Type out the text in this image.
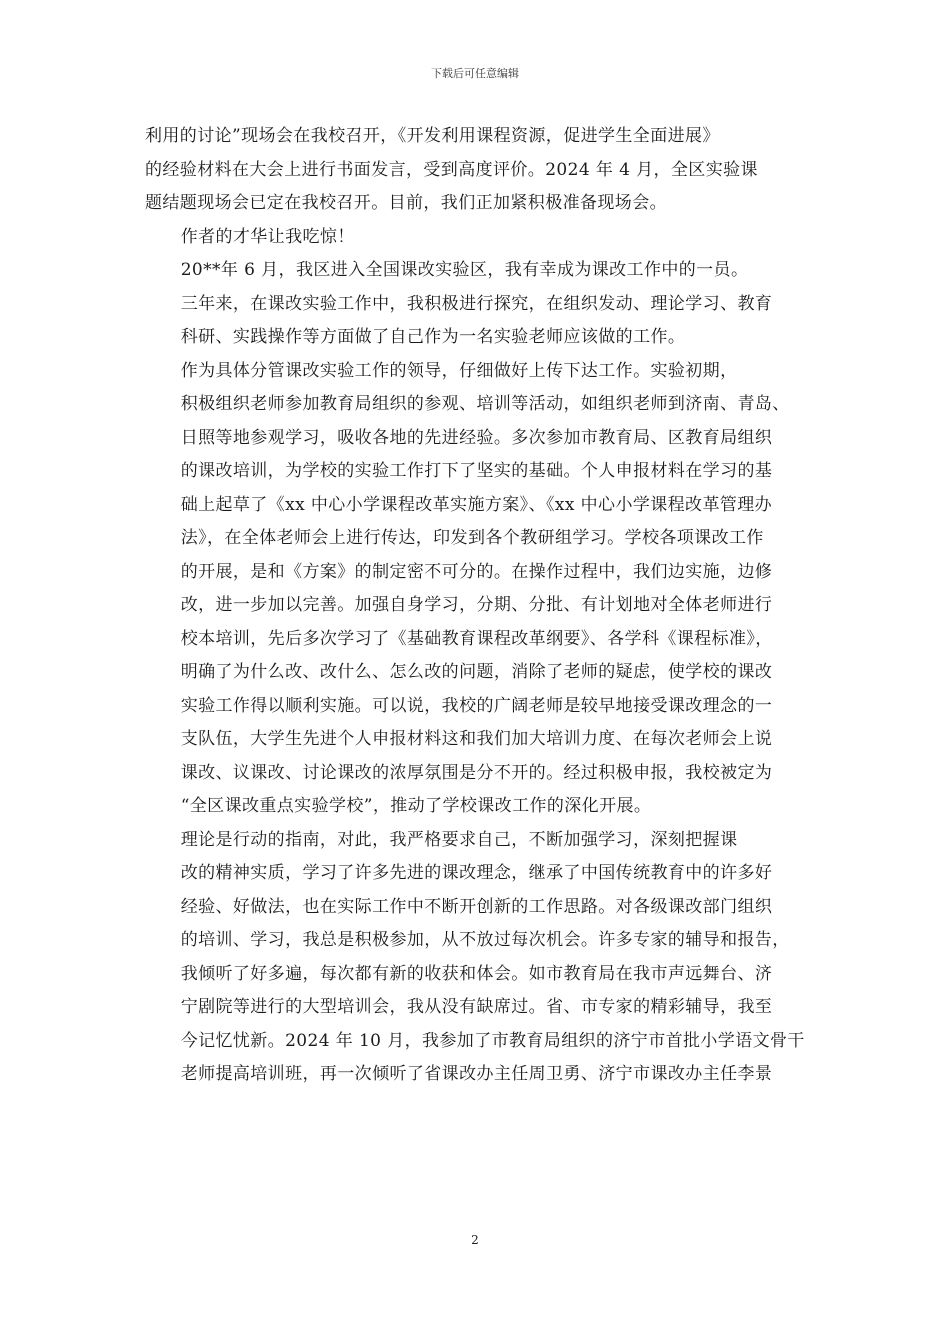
下载后可任意编辑

利用的讨论”现场会在我校召开，《开发利用课程资源，促进学生全面进展》
的经验材料在大会上进行书面发言，受到高度评价。2024 年 4 月，全区实验课
题结题现场会已定在我校召开。目前，我们正加紧积极准备现场会。

作者的才华让我吃惊！

20**年 6 月，我区进入全国课改实验区，我有幸成为课改工作中的一员。
三年来，在课改实验工作中，我积极进行探究，在组织发动、理论学习、教育
科研、实践操作等方面做了自己作为一名实验老师应该做的工作。

作为具体分管课改实验工作的领导，仔细做好上传下达工作。实验初期，
积极组织老师参加教育局组织的参观、培训等活动，如组织老师到济南、青岛、
日照等地参观学习，吸收各地的先进经验。多次参加市教育局、区教育局组织
的课改培训，为学校的实验工作打下了坚实的基础。个人申报材料在学习的基
础上起草了《xx 中心小学课程改革实施方案》、《xx 中心小学课程改革管理办
法》，在全体老师会上进行传达，印发到各个教研组学习。学校各项课改工作
的开展，是和《方案》的制定密不可分的。在操作过程中，我们边实施，边修
改，进一步加以完善。加强自身学习，分期、分批、有计划地对全体老师进行
校本培训，先后多次学习了《基础教育课程改革纲要》、各学科《课程标准》，
明确了为什么改、改什么、怎么改的问题，消除了老师的疑虑，使学校的课改
实验工作得以顺利实施。可以说，我校的广阔老师是较早地接受课改理念的一
支队伍，大学生先进个人申报材料这和我们加大培训力度、在每次老师会上说
课改、议课改、讨论课改的浓厚氛围是分不开的。经过积极申报，我校被定为
“全区课改重点实验学校”，推动了学校课改工作的深化开展。

理论是行动的指南，对此，我严格要求自己，不断加强学习，深刻把握课
改的精神实质，学习了许多先进的课改理念，继承了中国传统教育中的许多好
经验、好做法，也在实际工作中不断开创新的工作思路。对各级课改部门组织
的培训、学习，我总是积极参加，从不放过每次机会。许多专家的辅导和报告，
我倾听了好多遍，每次都有新的收获和体会。如市教育局在我市声远舞台、济
宁剧院等进行的大型培训会，我从没有缺席过。省、市专家的精彩辅导，我至
今记忆忧新。2024 年 10 月，我参加了市教育局组织的济宁市首批小学语文骨干
老师提高培训班，再一次倾听了省课改办主任周卫勇、济宁市课改办主任李景

2
